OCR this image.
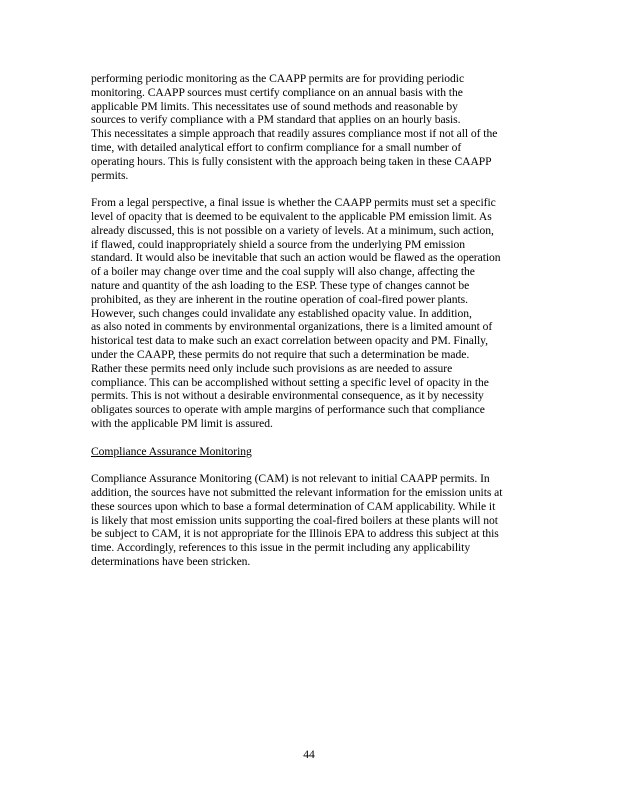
performing periodic monitoring as the CAAPP permits are for providing periodic
monitoring. CAAPP sources must certify compliance on an annual basis with the
applicable PM limits. This necessitates use of sound methods and reasonable by
sources to verify compliance with a PM standard that applies on an hourly basis.
This necessitates a simple approach that readily assures compliance most if not all of the
time, with detailed analytical effort to confirm compliance for a small number of
operating hours. This is fully consistent with the approach being taken in these CAAPP
permits.
From a legal perspective, a final issue is whether the CAAPP permits must set a specific
level of opacity that is deemed to be equivalent to the applicable PM emission limit. As
already discussed, this is not possible on a variety of levels. At a minimum, such action,
if flawed, could inappropriately shield a source from the underlying PM emission
standard. It would also be inevitable that such an action would be flawed as the operation
of a boiler may change over time and the coal supply will also change, affecting the
nature and quantity of the ash loading to the ESP. These type of changes cannot be
prohibited, as they are inherent in the routine operation of coal-fired power plants.
However, such changes could invalidate any established opacity value. In addition,
as also noted in comments by environmental organizations, there is a limited amount of
historical test data to make such an exact correlation between opacity and PM. Finally,
under the CAAPP, these permits do not require that such a determination be made.
Rather these permits need only include such provisions as are needed to assure
compliance. This can be accomplished without setting a specific level of opacity in the
permits. This is not without a desirable environmental consequence, as it by necessity
obligates sources to operate with ample margins of performance such that compliance
with the applicable PM limit is assured.
Compliance Assurance Monitoring
Compliance Assurance Monitoring (CAM) is not relevant to initial CAAPP permits. In
addition, the sources have not submitted the relevant information for the emission units at
these sources upon which to base a formal determination of CAM applicability. While it
is likely that most emission units supporting the coal-fired boilers at these plants will not
be subject to CAM, it is not appropriate for the Illinois EPA to address this subject at this
time. Accordingly, references to this issue in the permit including any applicability
determinations have been stricken.
44
